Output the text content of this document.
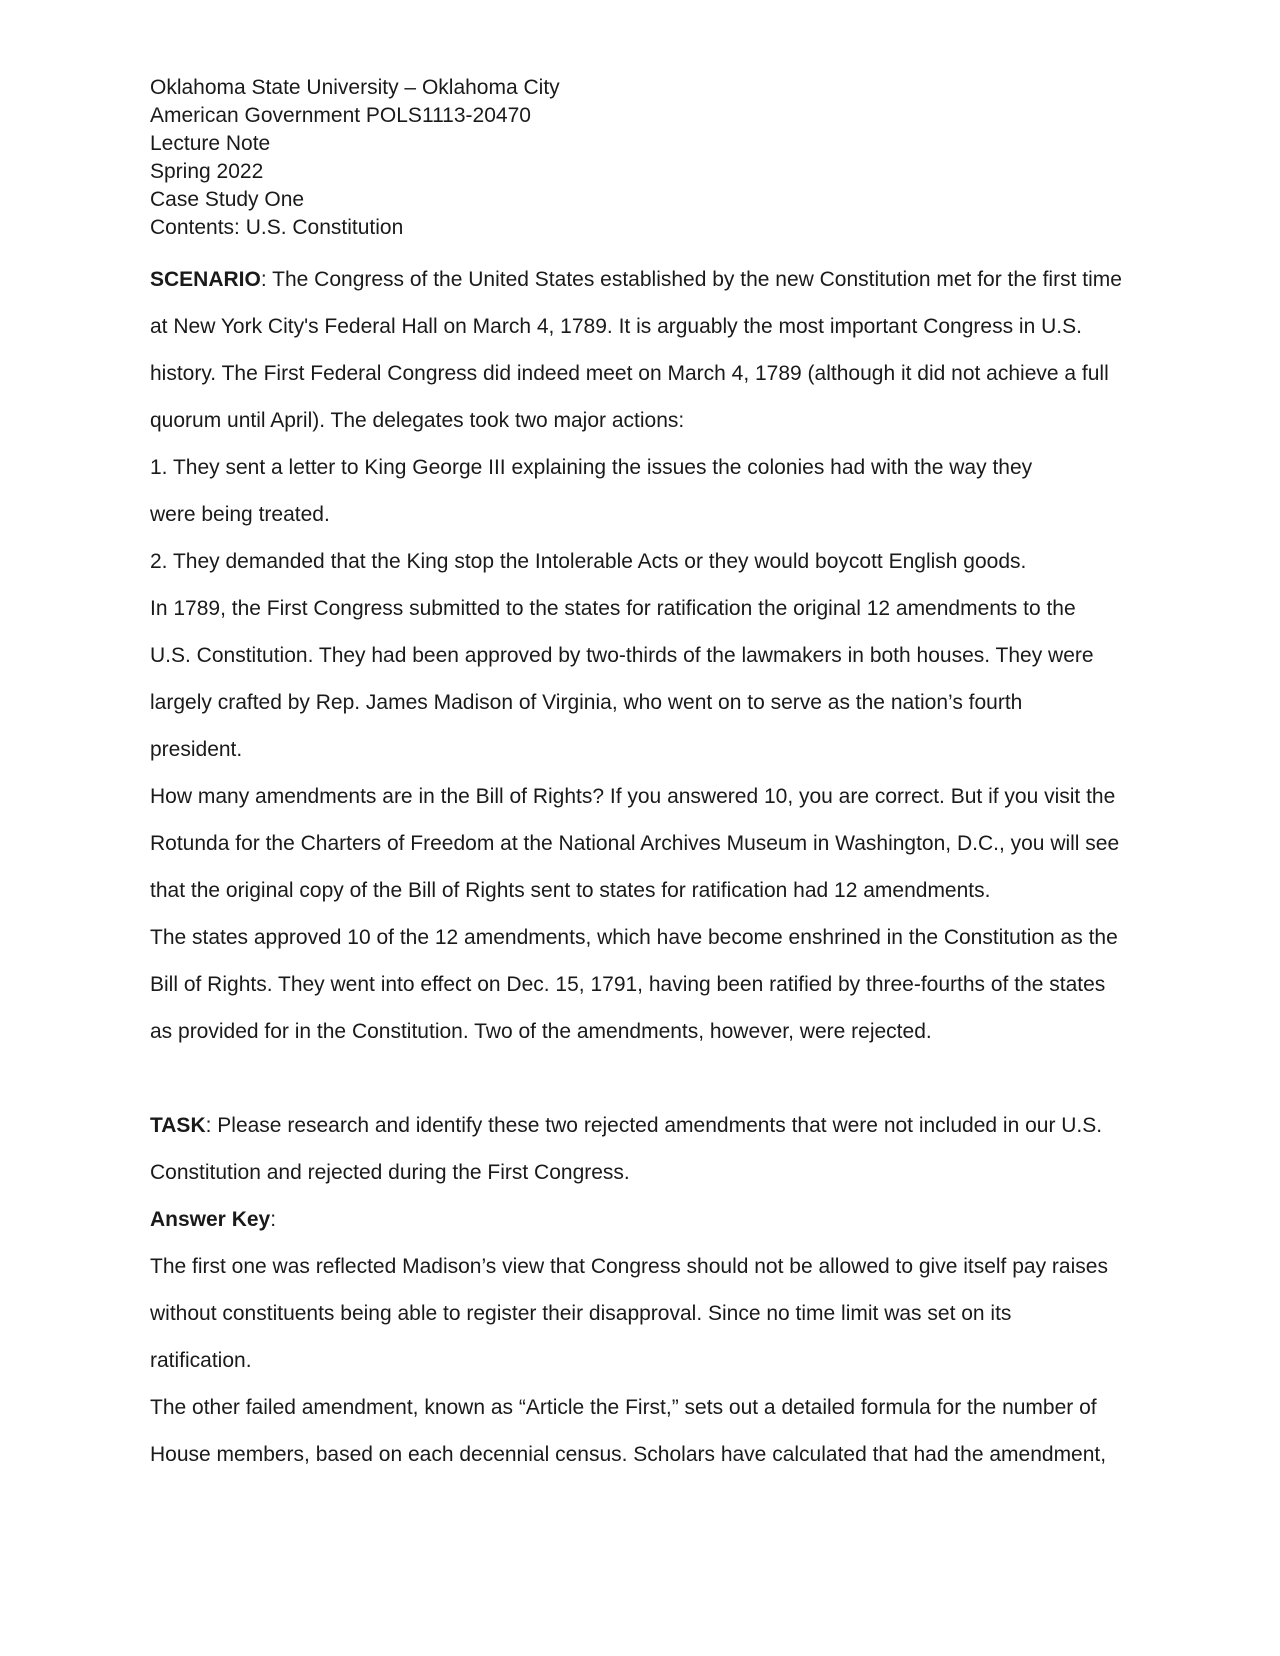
Oklahoma State University – Oklahoma City
American Government POLS1113-20470
Lecture Note
Spring 2022
Case Study One
Contents: U.S. Constitution
SCENARIO: The Congress of the United States established by the new Constitution met for the first time
at New York City's Federal Hall on March 4, 1789. It is arguably the most important Congress in U.S.
history. The First Federal Congress did indeed meet on March 4, 1789 (although it did not achieve a full
quorum until April). The delegates took two major actions:
1. They sent a letter to King George III explaining the issues the colonies had with the way they
were being treated.
2. They demanded that the King stop the Intolerable Acts or they would boycott English goods.
In 1789, the First Congress submitted to the states for ratification the original 12 amendments to the
U.S. Constitution. They had been approved by two-thirds of the lawmakers in both houses. They were
largely crafted by Rep. James Madison of Virginia, who went on to serve as the nation’s fourth
president.
How many amendments are in the Bill of Rights? If you answered 10, you are correct. But if you visit the
Rotunda for the Charters of Freedom at the National Archives Museum in Washington, D.C., you will see
that the original copy of the Bill of Rights sent to states for ratification had 12 amendments.
The states approved 10 of the 12 amendments, which have become enshrined in the Constitution as the
Bill of Rights. They went into effect on Dec. 15, 1791, having been ratified by three-fourths of the states
as provided for in the Constitution. Two of the amendments, however, were rejected.
TASK: Please research and identify these two rejected amendments that were not included in our U.S.
Constitution and rejected during the First Congress.
Answer Key:
The first one was reflected Madison’s view that Congress should not be allowed to give itself pay raises
without constituents being able to register their disapproval. Since no time limit was set on its
ratification.
The other failed amendment, known as “Article the First,” sets out a detailed formula for the number of
House members, based on each decennial census. Scholars have calculated that had the amendment,
